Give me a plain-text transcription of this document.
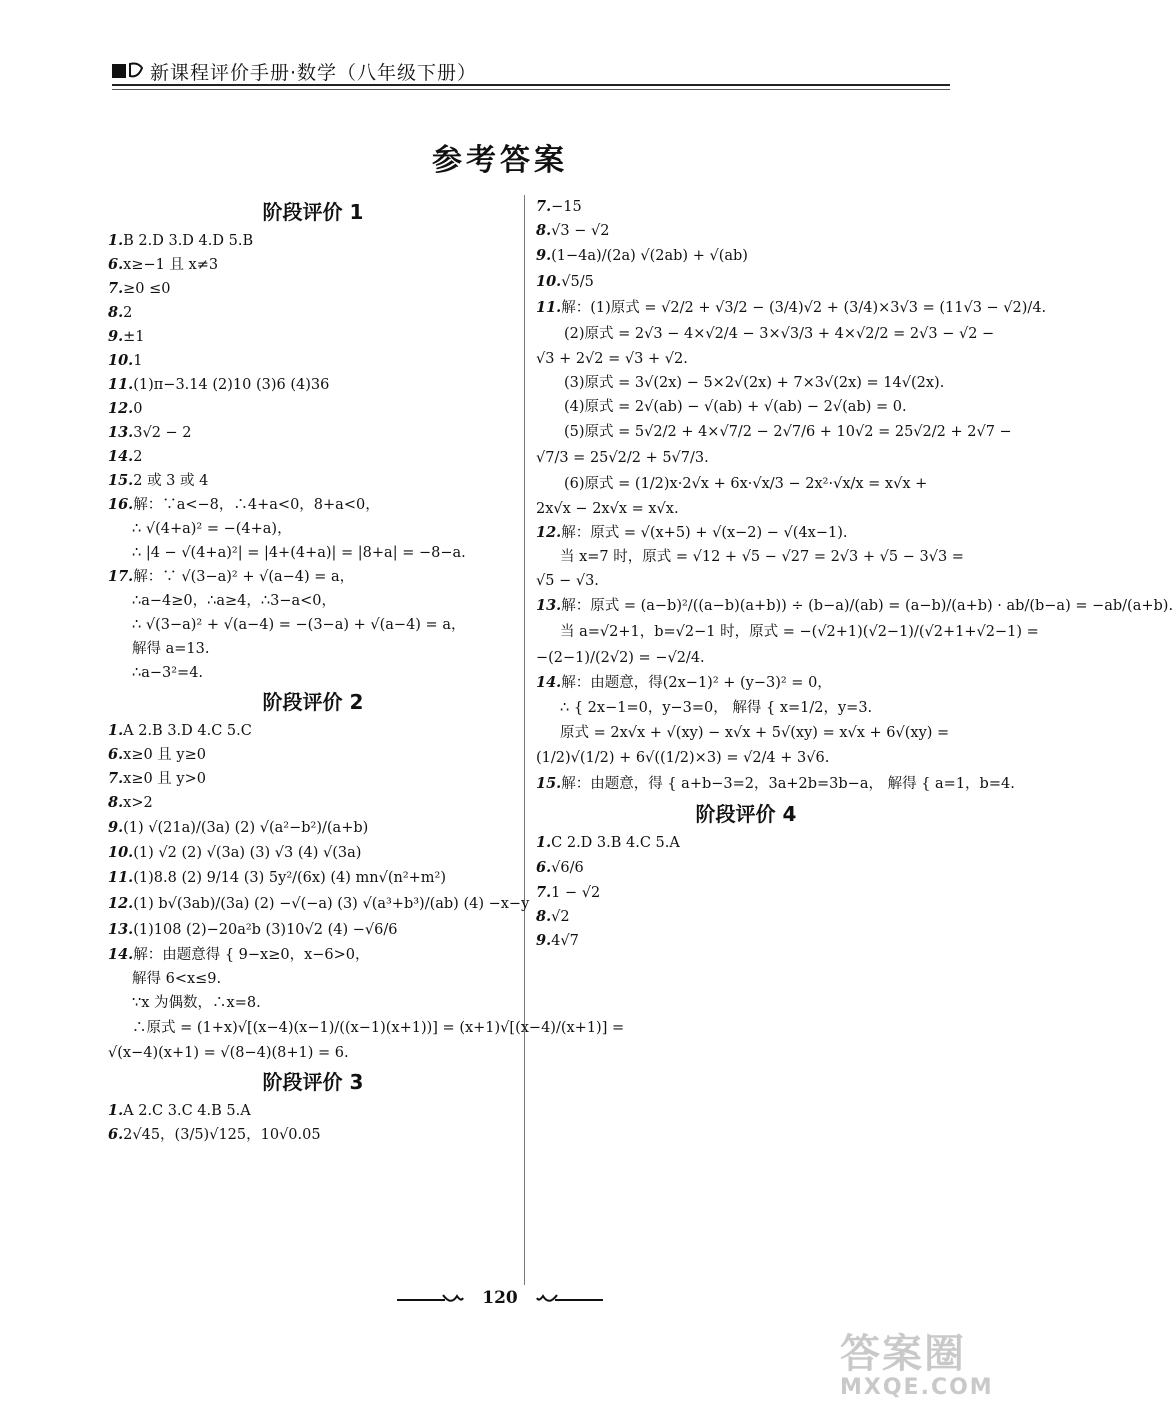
新课程评价手册·数学（八年级下册）
参考答案
阶段评价 1
1.B 2.D 3.D 4.D 5.B
6.x≥−1 且 x≠3
7.≥0 ≤0
8.2
9.±1
10.1
11.(1)π−3.14 (2)10 (3)6 (4)36
12.0
13.3√2 − 2
14.2
15.2 或 3 或 4
16.解：∵a<−8，∴4+a<0，8+a<0，
∴ √(4+a)² = −(4+a)，
∴ |4 − √(4+a)²| = |4+(4+a)| = |8+a| = −8−a.
17.解：∵ √(3−a)² + √(a−4) = a，
∴a−4≥0，∴a≥4，∴3−a<0，
∴ √(3−a)² + √(a−4) = −(3−a) + √(a−4) = a，
解得 a=13.
∴a−3²=4.
阶段评价 2
1.A 2.B 3.D 4.C 5.C
6.x≥0 且 y≥0
7.x≥0 且 y>0
8.x>2
9.(1) √(21a)/(3a) (2) √(a²−b²)/(a+b)
10.(1) √2 (2) √(3a) (3) √3 (4) √(3a)
11.(1)8.8 (2) 9/14 (3) 5y²/(6x) (4) mn√(n²+m²)
12.(1) b√(3ab)/(3a) (2) −√(−a) (3) √(a³+b³)/(ab) (4) −x−y
13.(1)108 (2)−20a²b (3)10√2 (4) −√6/6
14.解：由题意得 { 9−x≥0，x−6>0，
解得 6<x≤9.
∵x 为偶数，∴x=8.
∴原式 = (1+x)√[(x−4)(x−1)/((x−1)(x+1))] = (x+1)√[(x−4)/(x+1)] =
√(x−4)(x+1) = √(8−4)(8+1) = 6.
阶段评价 3
1.A 2.C 3.C 4.B 5.A
6.2√45，(3/5)√125，10√0.05
7.−15
8.√3 − √2
9.(1−4a)/(2a) √(2ab) + √(ab)
10.√5/5
11.解：(1)原式 = √2/2 + √3/2 − (3/4)√2 + (3/4)×3√3 = (11√3 − √2)/4.
(2)原式 = 2√3 − 4×√2/4 − 3×√3/3 + 4×√2/2 = 2√3 − √2 −
√3 + 2√2 = √3 + √2.
(3)原式 = 3√(2x) − 5×2√(2x) + 7×3√(2x) = 14√(2x).
(4)原式 = 2√(ab) − √(ab) + √(ab) − 2√(ab) = 0.
(5)原式 = 5√2/2 + 4×√7/2 − 2√7/6 + 10√2 = 25√2/2 + 2√7 −
√7/3 = 25√2/2 + 5√7/3.
(6)原式 = (1/2)x·2√x + 6x·√x/3 − 2x²·√x/x = x√x +
2x√x − 2x√x = x√x.
12.解：原式 = √(x+5) + √(x−2) − √(4x−1).
当 x=7 时，原式 = √12 + √5 − √27 = 2√3 + √5 − 3√3 =
√5 − √3.
13.解：原式 = (a−b)²/((a−b)(a+b)) ÷ (b−a)/(ab) = (a−b)/(a+b) · ab/(b−a) = −ab/(a+b).
当 a=√2+1，b=√2−1 时，原式 = −(√2+1)(√2−1)/(√2+1+√2−1) =
−(2−1)/(2√2) = −√2/4.
14.解：由题意，得(2x−1)² + (y−3)² = 0，
∴ { 2x−1=0，y−3=0， 解得 { x=1/2，y=3.
原式 = 2x√x + √(xy) − x√x + 5√(xy) = x√x + 6√(xy) =
(1/2)√(1/2) + 6√((1/2)×3) = √2/4 + 3√6.
15.解：由题意，得 { a+b−3=2，3a+2b=3b−a， 解得 { a=1，b=4.
阶段评价 4
1.C 2.D 3.B 4.C 5.A
6.√6/6
7.1 − √2
8.√2
9.4√7
120
答案圈
MXQE.COM
